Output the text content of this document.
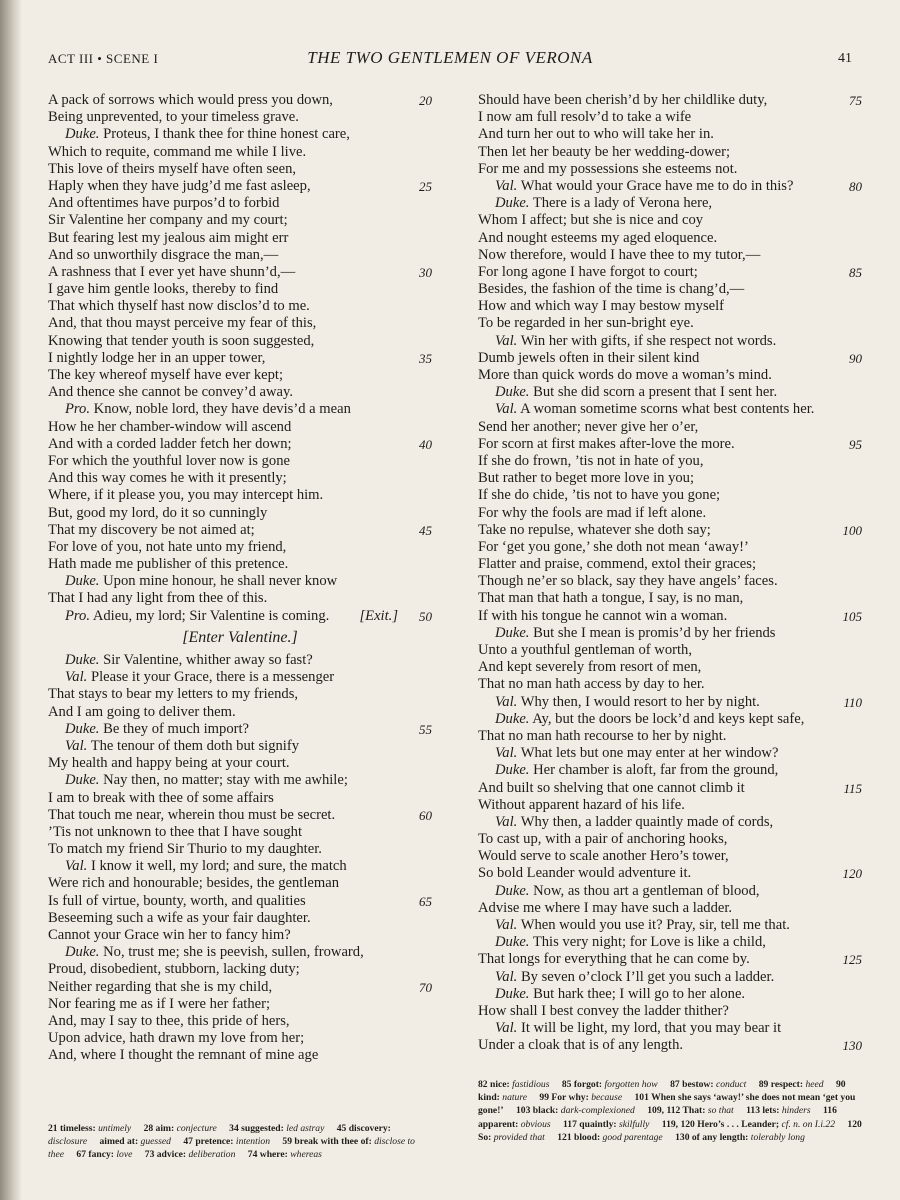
ACT III • SCENE I	THE TWO GENTLEMEN OF VERONA	41
A pack of sorrows which would press you down,	20
Being unprevented, to your timeless grave.
Duke. Proteus, I thank thee for thine honest care,
Which to requite, command me while I live.
This love of theirs myself have often seen,
Haply when they have judg’d me fast asleep,	25
And oftentimes have purpos’d to forbid
Sir Valentine her company and my court;
But fearing lest my jealous aim might err
And so unworthily disgrace the man,—
A rashness that I ever yet have shunn’d,—	30
I gave him gentle looks, thereby to find
That which thyself hast now disclos’d to me.
And, that thou mayst perceive my fear of this,
Knowing that tender youth is soon suggested,
I nightly lodge her in an upper tower,	35
The key whereof myself have ever kept;
And thence she cannot be convey’d away.
Pro. Know, noble lord, they have devis’d a mean
How he her chamber-window will ascend
And with a corded ladder fetch her down;	40
For which the youthful lover now is gone
And this way comes he with it presently;
Where, if it please you, you may intercept him.
But, good my lord, do it so cunningly
That my discovery be not aimed at;	45
For love of you, not hate unto my friend,
Hath made me publisher of this pretence.
Duke. Upon mine honour, he shall never know
That I had any light from thee of this.
Pro. Adieu, my lord; Sir Valentine is coming. [Exit.] 50
[Enter Valentine.]
Duke. Sir Valentine, whither away so fast?
Val. Please it your Grace, there is a messenger
That stays to bear my letters to my friends,
And I am going to deliver them.
Duke. Be they of much import?	55
Val. The tenour of them doth but signify
My health and happy being at your court.
Duke. Nay then, no matter; stay with me awhile;
I am to break with thee of some affairs
That touch me near, wherein thou must be secret.	60
’Tis not unknown to thee that I have sought
To match my friend Sir Thurio to my daughter.
Val. I know it well, my lord; and sure, the match
Were rich and honourable; besides, the gentleman
Is full of virtue, bounty, worth, and qualities	65
Beseeming such a wife as your fair daughter.
Cannot your Grace win her to fancy him?
Duke. No, trust me; she is peevish, sullen, froward,
Proud, disobedient, stubborn, lacking duty;
Neither regarding that she is my child,	70
Nor fearing me as if I were her father;
And, may I say to thee, this pride of hers,
Upon advice, hath drawn my love from her;
And, where I thought the remnant of mine age
Should have been cherish’d by her childlike duty,	75
I now am full resolv’d to take a wife
And turn her out to who will take her in.
Then let her beauty be her wedding-dower;
For me and my possessions she esteems not.
Val. What would your Grace have me to do in this?	80
Duke. There is a lady of Verona here,
Whom I affect; but she is nice and coy
And nought esteems my aged eloquence.
Now therefore, would I have thee to my tutor,—
For long agone I have forgot to court;	85
Besides, the fashion of the time is chang’d,—
How and which way I may bestow myself
To be regarded in her sun-bright eye.
Val. Win her with gifts, if she respect not words.
Dumb jewels often in their silent kind	90
More than quick words do move a woman’s mind.
Duke. But she did scorn a present that I sent her.
Val. A woman sometime scorns what best contents her.
Send her another; never give her o’er,
For scorn at first makes after-love the more.	95
If she do frown, ’tis not in hate of you,
But rather to beget more love in you;
If she do chide, ’tis not to have you gone;
For why the fools are mad if left alone.
Take no repulse, whatever she doth say;	100
For ‘get you gone,’ she doth not mean ‘away!’
Flatter and praise, commend, extol their graces;
Though ne’er so black, say they have angels’ faces.
That man that hath a tongue, I say, is no man,
If with his tongue he cannot win a woman.	105
Duke. But she I mean is promis’d by her friends
Unto a youthful gentleman of worth,
And kept severely from resort of men,
That no man hath access by day to her.
Val. Why then, I would resort to her by night.	110
Duke. Ay, but the doors be lock’d and keys kept safe,
That no man hath recourse to her by night.
Val. What lets but one may enter at her window?
Duke. Her chamber is aloft, far from the ground,
And built so shelving that one cannot climb it	115
Without apparent hazard of his life.
Val. Why then, a ladder quaintly made of cords,
To cast up, with a pair of anchoring hooks,
Would serve to scale another Hero’s tower,
So bold Leander would adventure it.	120
Duke. Now, as thou art a gentleman of blood,
Advise me where I may have such a ladder.
Val. When would you use it? Pray, sir, tell me that.
Duke. This very night; for Love is like a child,
That longs for everything that he can come by.	125
Val. By seven o’clock I’ll get you such a ladder.
Duke. But hark thee; I will go to her alone.
How shall I best convey the ladder thither?
Val. It will be light, my lord, that you may bear it
Under a cloak that is of any length.	130
21 timeless: untimely 28 aim: conjecture 34 suggested: led astray 45 discovery: disclosure aimed at: guessed 47 pretence: intention 59 break with thee of: disclose to thee 67 fancy: love 73 advice: deliberation 74 where: whereas
82 nice: fastidious 85 forgot: forgotten how 87 bestow: conduct 89 respect: heed 90 kind: nature 99 For why: because 101 When she says ‘away!’ she does not mean ‘get you gone!’ 103 black: dark-complexioned 109, 112 That: so that 113 lets: hinders 116 apparent: obvious 117 quaintly: skilfully 119, 120 Hero’s . . . Leander; cf. n. on I.i.22 120 So: provided that 121 blood: good parentage 130 of any length: tolerably long
